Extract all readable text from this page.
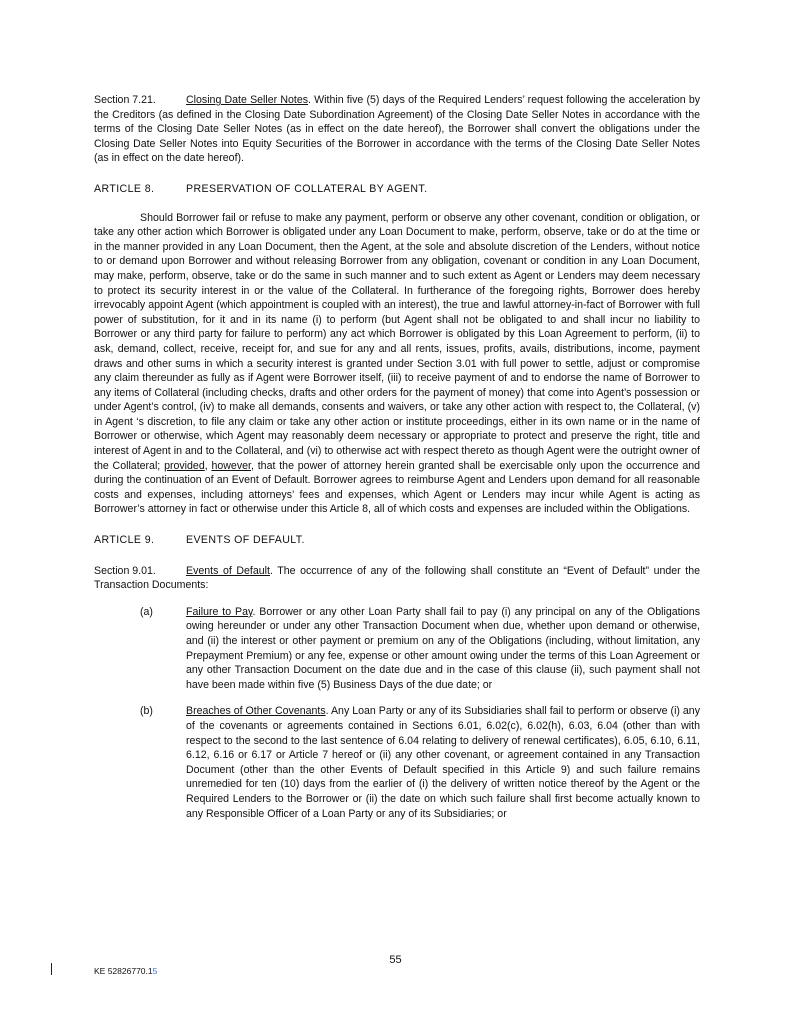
Section 7.21.	Closing Date Seller Notes. Within five (5) days of the Required Lenders’ request following the acceleration by the Creditors (as defined in the Closing Date Subordination Agreement) of the Closing Date Seller Notes in accordance with the terms of the Closing Date Seller Notes (as in effect on the date hereof), the Borrower shall convert the obligations under the Closing Date Seller Notes into Equity Securities of the Borrower in accordance with the terms of the Closing Date Seller Notes (as in effect on the date hereof).

ARTICLE 8.	PRESERVATION OF COLLATERAL BY AGENT.

Should Borrower fail or refuse to make any payment, perform or observe any other covenant, condition or obligation, or take any other action which Borrower is obligated under any Loan Document to make, perform, observe, take or do at the time or in the manner provided in any Loan Document, then the Agent, at the sole and absolute discretion of the Lenders, without notice to or demand upon Borrower and without releasing Borrower from any obligation, covenant or condition in any Loan Document, may make, perform, observe, take or do the same in such manner and to such extent as Agent or Lenders may deem necessary to protect its security interest in or the value of the Collateral. In furtherance of the foregoing rights, Borrower does hereby irrevocably appoint Agent (which appointment is coupled with an interest), the true and lawful attorney-in-fact of Borrower with full power of substitution, for it and in its name (i) to perform (but Agent shall not be obligated to and shall incur no liability to Borrower or any third party for failure to perform) any act which Borrower is obligated by this Loan Agreement to perform, (ii) to ask, demand, collect, receive, receipt for, and sue for any and all rents, issues, profits, avails, distributions, income, payment draws and other sums in which a security interest is granted under Section 3.01 with full power to settle, adjust or compromise any claim thereunder as fully as if Agent were Borrower itself, (iii) to receive payment of and to endorse the name of Borrower to any items of Collateral (including checks, drafts and other orders for the payment of money) that come into Agent’s possession or under Agent’s control, (iv) to make all demands, consents and waivers, or take any other action with respect to, the Collateral, (v) in Agent ‘s discretion, to file any claim or take any other action or institute proceedings, either in its own name or in the name of Borrower or otherwise, which Agent may reasonably deem necessary or appropriate to protect and preserve the right, title and interest of Agent in and to the Collateral, and (vi) to otherwise act with respect thereto as though Agent were the outright owner of the Collateral; provided, however, that the power of attorney herein granted shall be exercisable only upon the occurrence and during the continuation of an Event of Default. Borrower agrees to reimburse Agent and Lenders upon demand for all reasonable costs and expenses, including attorneys’ fees and expenses, which Agent or Lenders may incur while Agent is acting as Borrower’s attorney in fact or otherwise under this Article 8, all of which costs and expenses are included within the Obligations.

ARTICLE 9.	EVENTS OF DEFAULT.

Section 9.01.	Events of Default. The occurrence of any of the following shall constitute an “Event of Default” under the Transaction Documents:

(a)	Failure to Pay. Borrower or any other Loan Party shall fail to pay (i) any principal on any of the Obligations owing hereunder or under any other Transaction Document when due, whether upon demand or otherwise, and (ii) the interest or other payment or premium on any of the Obligations (including, without limitation, any Prepayment Premium) or any fee, expense or other amount owing under the terms of this Loan Agreement or any other Transaction Document on the date due and in the case of this clause (ii), such payment shall not have been made within five (5) Business Days of the due date; or

(b)	Breaches of Other Covenants. Any Loan Party or any of its Subsidiaries shall fail to perform or observe (i) any of the covenants or agreements contained in Sections 6.01, 6.02(c), 6.02(h), 6.03, 6.04 (other than with respect to the second to the last sentence of 6.04 relating to delivery of renewal certificates), 6.05, 6.10, 6.11, 6.12, 6.16 or 6.17 or Article 7 hereof or (ii) any other covenant, or agreement contained in any Transaction Document (other than the other Events of Default specified in this Article 9) and such failure remains unremedied for ten (10) days from the earlier of (i) the delivery of written notice thereof by the Agent or the Required Lenders to the Borrower or (ii) the date on which such failure shall first become actually known to any Responsible Officer of a Loan Party or any of its Subsidiaries; or

55
KE 52826770.15
